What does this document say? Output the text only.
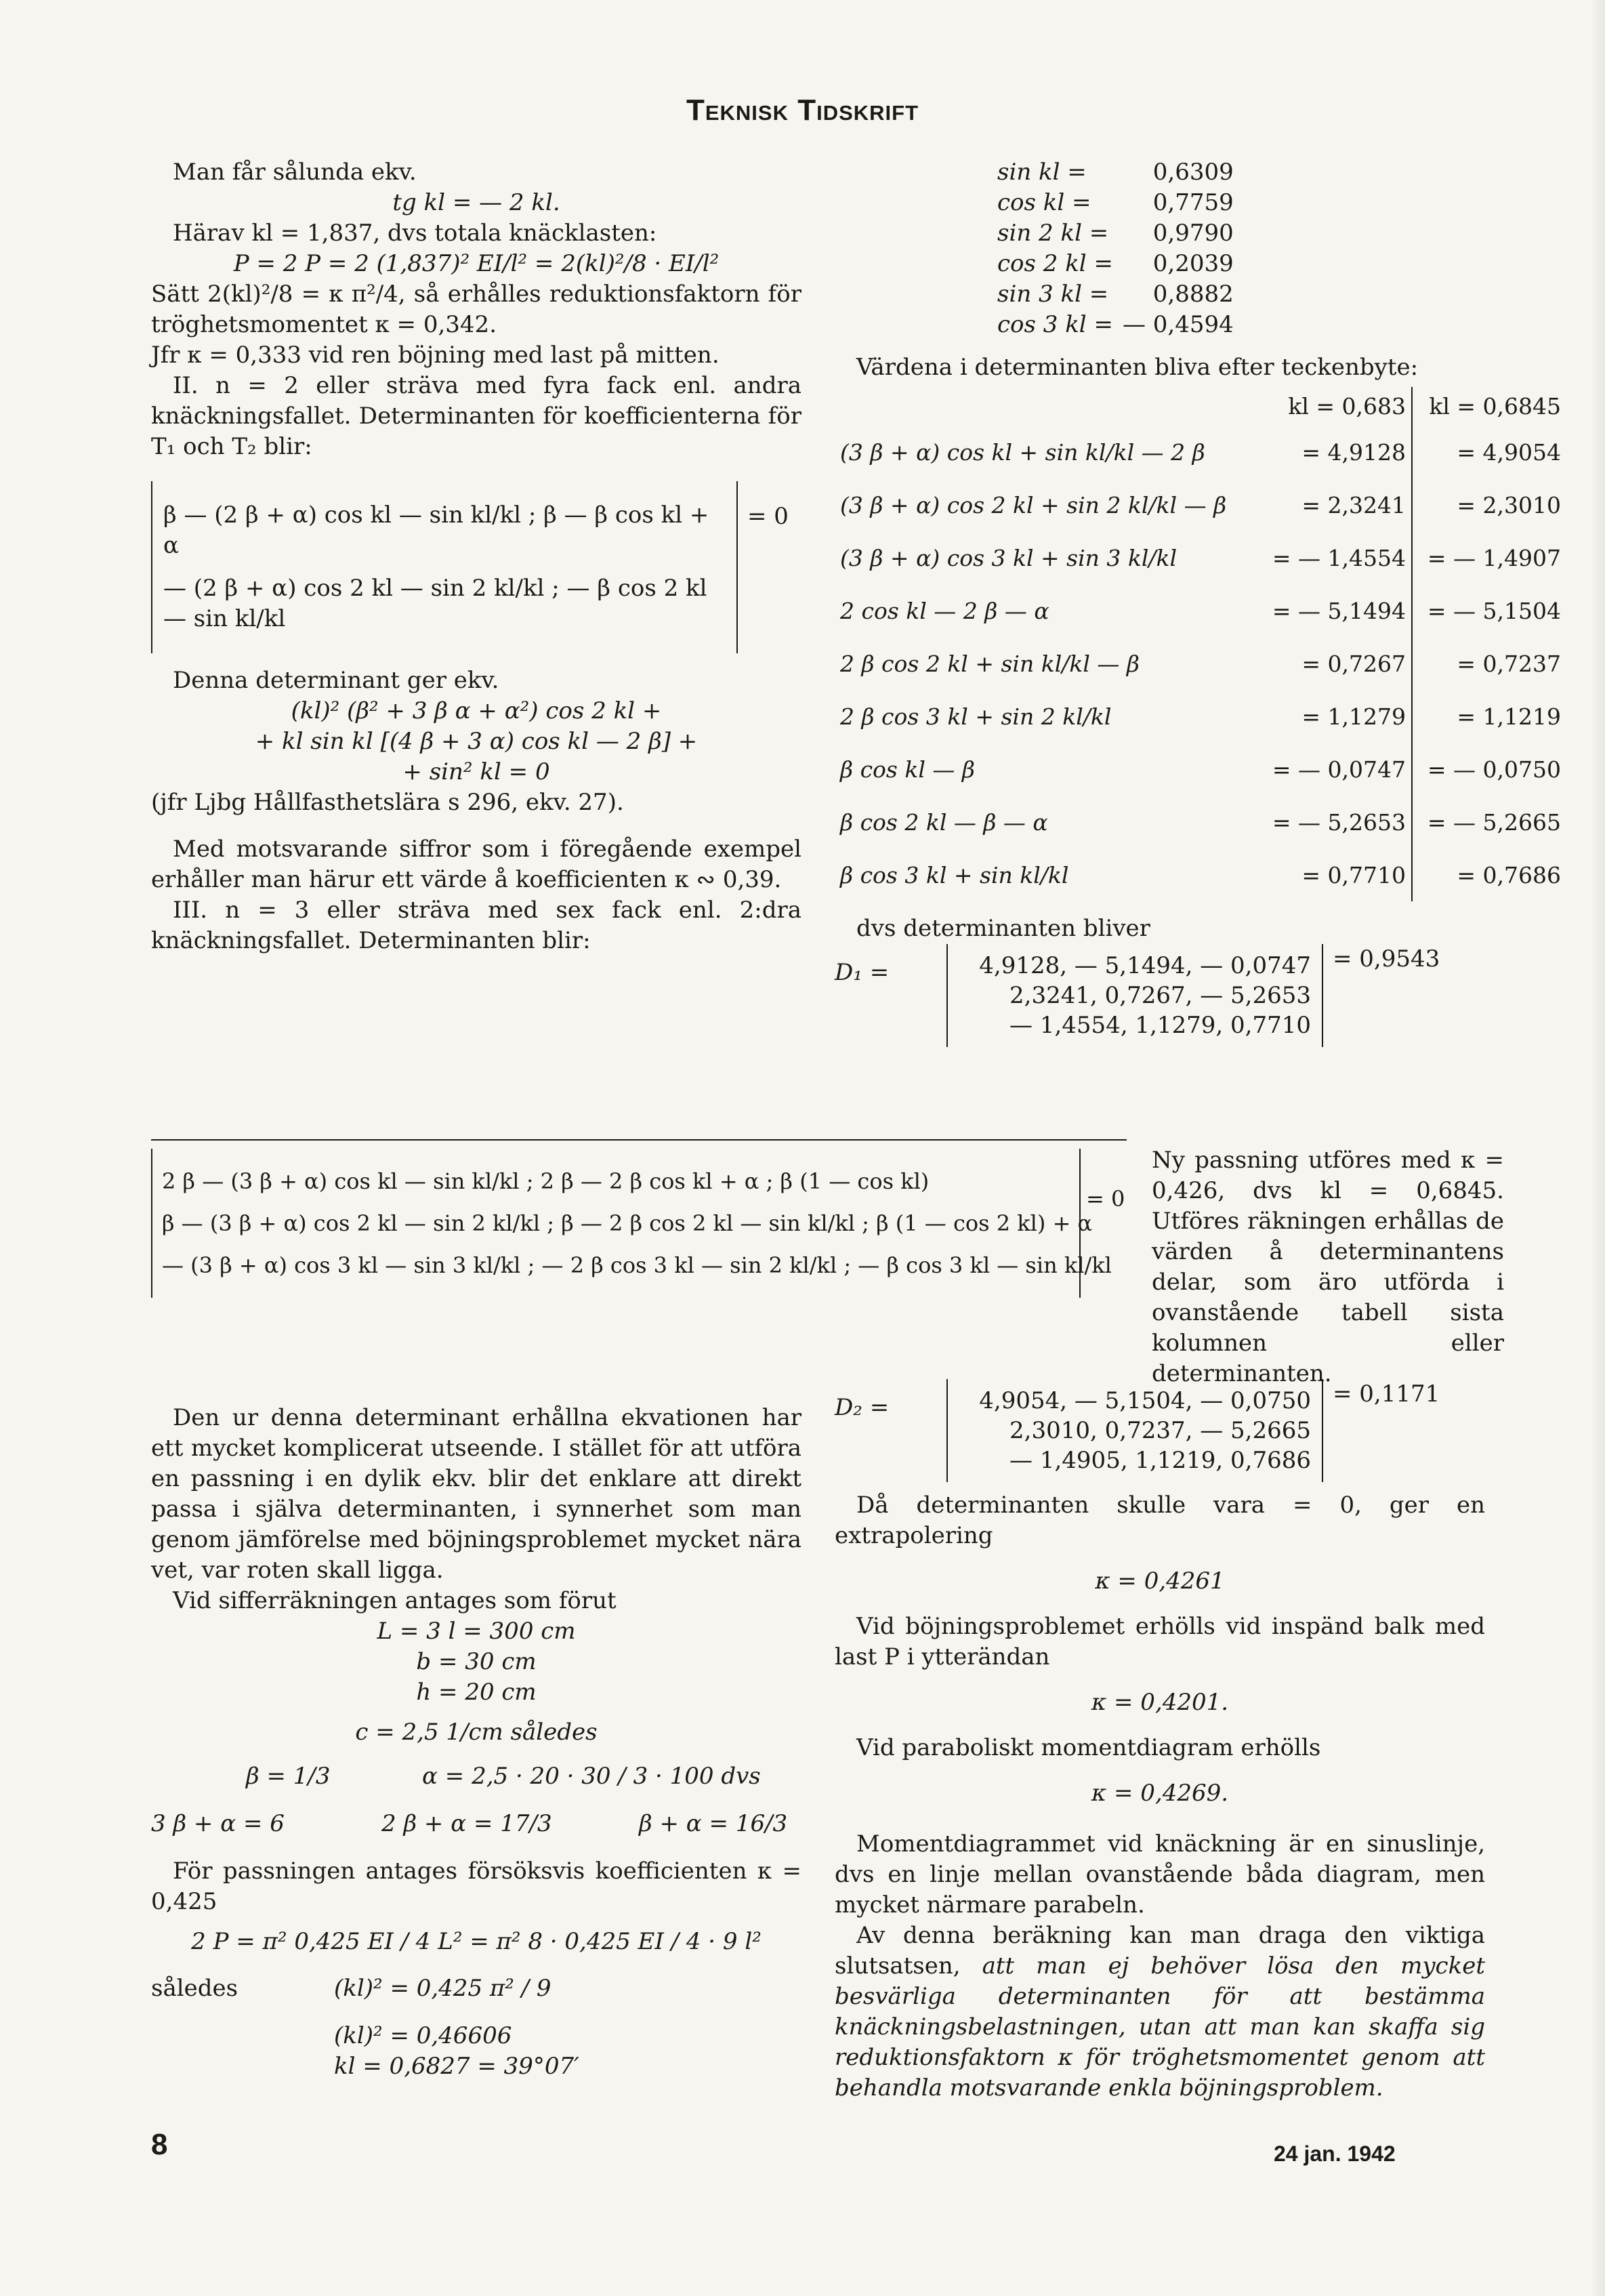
Teknisk Tidskrift

Man får sålunda ekv.

tg kl = — 2 kl.

Härav kl = 1,837, dvs totala knäcklasten:

P = 2 P = 2 (1,837)² EI/l² = 2(kl)²/8 · EI/l²

Sätt 2(kl)²/8 = κ π²/4, så erhålles reduktionsfaktorn för tröghetsmomentet κ = 0,342.

Jfr κ = 0,333 vid ren böjning med last på mitten.

II. n = 2 eller sträva med fyra fack enl. andra knäckningsfallet. Determinanten för koefficienterna för T₁ och T₂ blir:

β — (2 β + α) cos kl — sin kl/kl ; β — β cos kl + α
— (2 β + α) cos 2 kl — sin 2 kl/kl ; — β cos 2 kl — sin kl/kl
= 0

Denna determinant ger ekv.

(kl)² (β² + 3 β α + α²) cos 2 kl +

+ kl sin kl [(4 β + 3 α) cos kl — 2 β] +

+ sin² kl = 0

(jfr Ljbg Hållfasthetslära s 296, ekv. 27).

Med motsvarande siffror som i föregående exempel erhåller man härur ett värde å koefficienten κ ∾ 0,39.

III. n = 3 eller sträva med sex fack enl. 2:dra knäckningsfallet. Determinanten blir:

sin kl =	0,6309
cos kl =	0,7759
sin 2 kl =	0,9790
cos 2 kl =	0,2039
sin 3 kl =	0,8882
cos 3 kl =	— 0,4594

Värdena i determinanten bliva efter teckenbyte:

	kl = 0,683	kl = 0,6845
(3 β + α) cos kl + sin kl/kl — 2 β	= 4,9128	= 4,9054
(3 β + α) cos 2 kl + sin 2 kl/kl — β	= 2,3241	= 2,3010
(3 β + α) cos 3 kl + sin 3 kl/kl	= — 1,4554	= — 1,4907
2 cos kl — 2 β — α	= — 5,1494	= — 5,1504
2 β cos 2 kl + sin kl/kl — β	= 0,7267	= 0,7237
2 β cos 3 kl + sin 2 kl/kl	= 1,1279	= 1,1219
β cos kl — β	= — 0,0747	= — 0,0750
β cos 2 kl — β — α	= — 5,2653	= — 5,2665
β cos 3 kl + sin kl/kl	= 0,7710	= 0,7686

dvs determinanten bliver

D₁ =	4,9128, — 5,1494, — 0,0747
2,3241, 0,7267, — 5,2653
— 1,4554, 1,1279, 0,7710
= 0,9543
2 β — (3 β + α) cos kl — sin kl/kl ; 2 β — 2 β cos kl + α ; β (1 — cos kl)
β — (3 β + α) cos 2 kl — sin 2 kl/kl ; β — 2 β cos 2 kl — sin kl/kl ; β (1 — cos 2 kl) + α
— (3 β + α) cos 3 kl — sin 3 kl/kl ; — 2 β cos 3 kl — sin 2 kl/kl ; — β cos 3 kl — sin kl/kl
= 0
Ny passning utföres med κ = 0,426, dvs kl = 0,6845. Utföres räkningen erhållas de värden å determinantens delar, som äro utförda i ovanstående tabell sista kolumnen eller determinanten.

Den ur denna determinant erhållna ekvationen har ett mycket komplicerat utseende. I stället för att utföra en passning i en dylik ekv. blir det enklare att direkt passa i själva determinanten, i synnerhet som man genom jämförelse med böjningsproblemet mycket nära vet, var roten skall ligga.

Vid sifferräkningen antages som förut

L = 3 l = 300 cm

b = 30 cm

h = 20 cm

c = 2,5 1/cm således

β = 1/3	α = 2,5 · 20 · 30 / 3 · 100 dvs
3 β + α = 6	2 β + α = 17/3	β + α = 16/3

För passningen antages försöksvis koefficienten κ = 0,425

2 P = π² 0,425 EI / 4 L² = π² 8 · 0,425 EI / 4 · 9 l²

således	(kl)² = 0,425 π² / 9

(kl)² = 0,46606

kl = 0,6827 = 39°07′

D₂ =	4,9054, — 5,1504, — 0,0750
2,3010, 0,7237, — 5,2665
— 1,4905, 1,1219, 0,7686
= 0,1171

Då determinanten skulle vara = 0, ger en extrapolering

κ = 0,4261

Vid böjningsproblemet erhölls vid inspänd balk med last P i ytterändan

κ = 0,4201.

Vid paraboliskt momentdiagram erhölls

κ = 0,4269.

Momentdiagrammet vid knäckning är en sinuslinje, dvs en linje mellan ovanstående båda diagram, men mycket närmare parabeln.

Av denna beräkning kan man draga den viktiga slutsatsen, att man ej behöver lösa den mycket besvärliga determinanten för att bestämma knäckningsbelastningen, utan att man kan skaffa sig reduktionsfaktorn κ för tröghetsmomentet genom att behandla motsvarande enkla böjningsproblem.

8	24 jan. 1942
